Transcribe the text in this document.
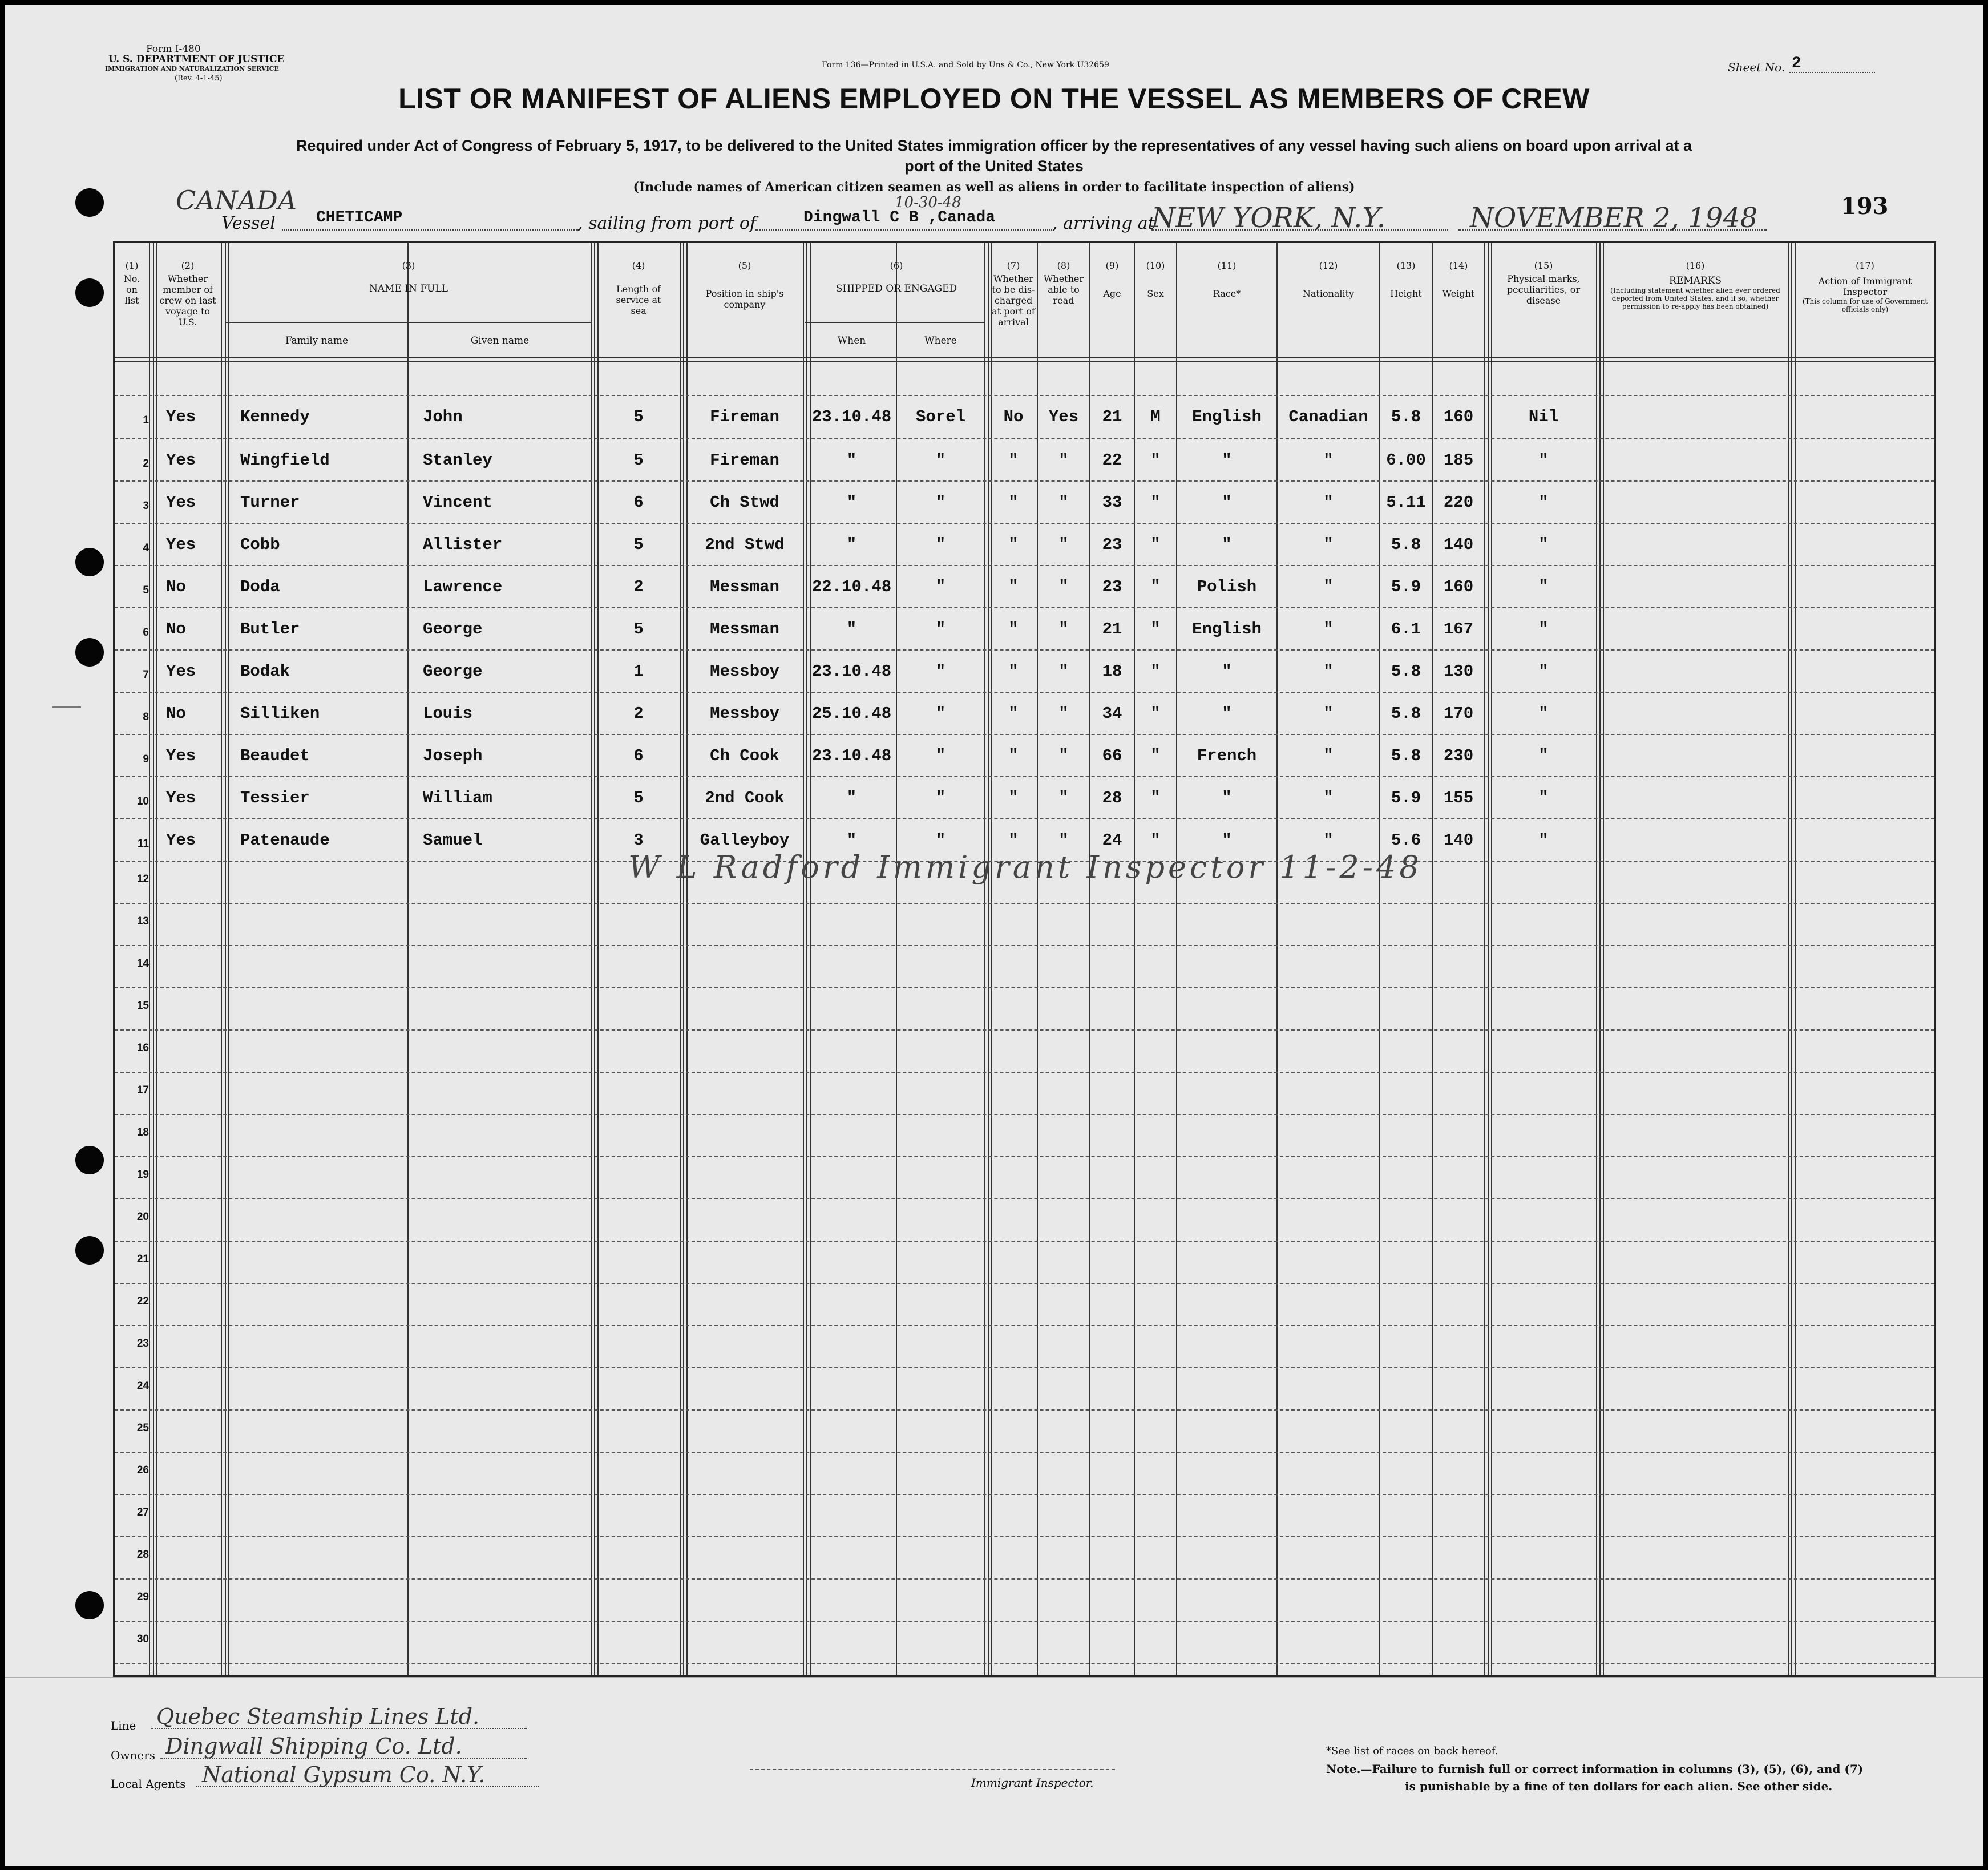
Form I-480
U. S. DEPARTMENT OF JUSTICE
IMMIGRATION AND NATURALIZATION SERVICE
(Rev. 4-1-45)
Form 136—Printed in U.S.A. and Sold by Uns & Co., New York U32659	Sheet No. 2
LIST OR MANIFEST OF ALIENS EMPLOYED ON THE VESSEL AS MEMBERS OF CREW
Required under Act of Congress of February 5, 1917, to be delivered to the United States immigration officer by the representatives of any vessel having such aliens on board upon arrival at a
port of the United States
(Include names of American citizen seamen as well as aliens in order to facilitate inspection of aliens)
CANADA
Vessel	CHETICAMP	, sailing from port of
10-30-48
Dingwall C B ,Canada	, arriving at
NEW YORK, N.Y.	NOVEMBER 2, 1948	193
(1)
No. on list
(2)
Whether member of crew on last voyage to U.S.
(3)
NAME IN FULL
Family name	Given name
(4)
Length of service at sea
(5)
Position in ship's company
(6)
SHIPPED OR ENGAGED
When	Where
(7)
Whether to be dis- charged at port of arrival
(8)
Whether able to read
(9)
Age
(10)
Sex
(11)
Race*
(12)
Nationality
(13)
Height
(14)
Weight
(15)
Physical marks, peculiarities, or disease
(16)
REMARKS
(Including statement whether alien ever ordered deported from United States, and if so, whether permission to re-apply has been obtained)
(17)
Action of Immigrant Inspector
(This column for use of Government officials only)
12
13
14
15
16
17
18
19
20
21
22
23
24
25
26
27
28
29
30
1 Yes	Kennedy	John	5	Fireman	23.10.48	Sorel	No	Yes	21	M	English	Canadian	5.8	160	Nil
2 Yes	Wingfield	Stanley	5	Fireman	"	"	"	"	22	"	"	"	6.00	185	"
3 Yes	Turner	Vincent	6	Ch Stwd	"	"	"	"	33	"	"	"	5.11	220	"
4 Yes	Cobb	Allister	5	2nd Stwd	"	"	"	"	23	"	"	"	5.8	140	"
5 No	Doda	Lawrence	2	Messman	22.10.48	"	"	"	23	"	Polish	"	5.9	160	"
6 No	Butler	George	5	Messman	"	"	"	"	21	"	English	"	6.1	167	"
7 Yes	Bodak	George	1	Messboy	23.10.48	"	"	"	18	"	"	"	5.8	130	"
8 No	Silliken	Louis	2	Messboy	25.10.48	"	"	"	34	"	"	"	5.8	170	"
9 Yes	Beaudet	Joseph	6	Ch Cook	23.10.48	"	"	"	66	"	French	"	5.8	230	"
10 Yes	Tessier	William	5	2nd Cook	"	"	"	"	28	"	"	"	5.9	155	"
11 Yes	Patenaude	Samuel	3	Galleyboy	"	"	"	"	24	"	"	"	5.6	140	"
W L Radford Immigrant Inspector 11-2-48
Line Quebec Steamship Lines Ltd.
Owners Dingwall Shipping Co. Ltd.
Local Agents National Gypsum Co. N.Y.	Immigrant Inspector.
*See list of races on back hereof.
Note.—Failure to furnish full or correct information in columns (3), (5), (6), and (7)
is punishable by a fine of ten dollars for each alien. See other side.
